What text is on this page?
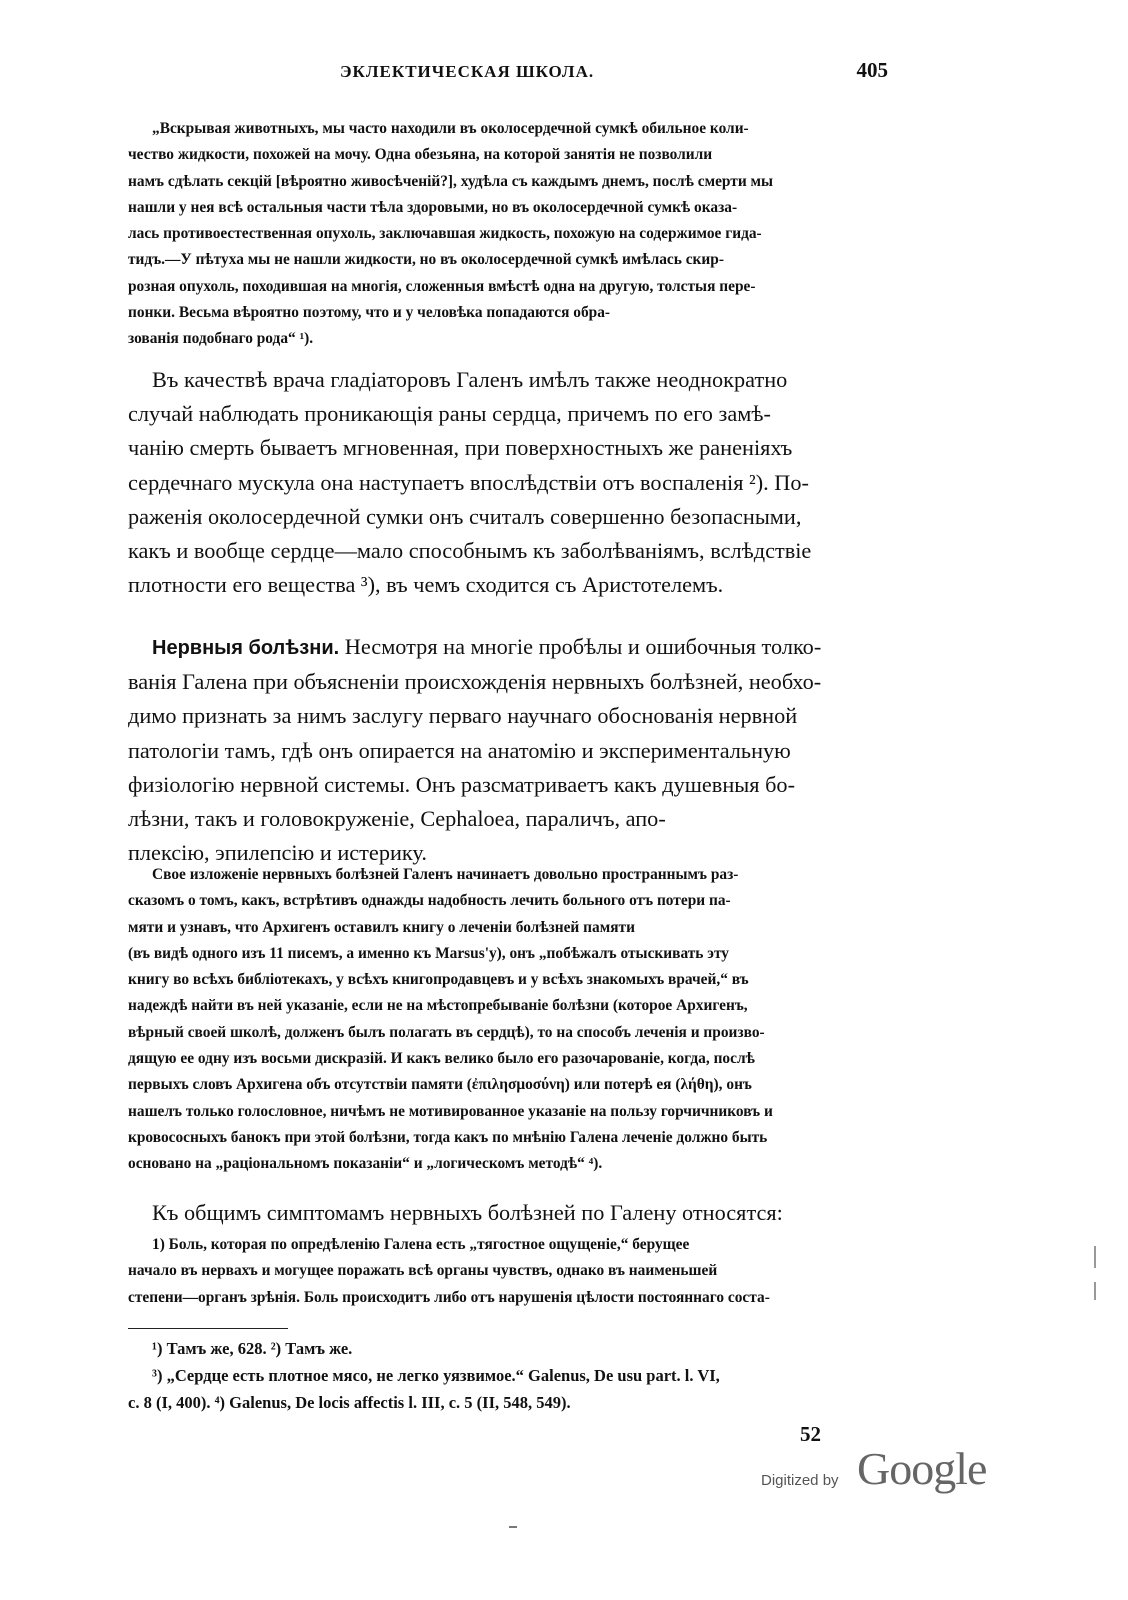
ЭКЛЕКТИЧЕСКАЯ ШКОЛА.	405

„Вскрывая животныхъ, мы часто находили въ околосердечной сумкѣ обильное коли-

чество жидкости, похожей на мочу. Одна обезьяна, на которой занятія не позволили

намъ сдѣлать секцій [вѣроятно живосѣченій?], худѣла съ каждымъ днемъ, послѣ смерти мы

нашли у нея всѣ остальныя части тѣла здоровыми, но въ околосердечной сумкѣ оказа-

лась противоестественная опухоль, заключавшая жидкость, похожую на содержимое гида-

тидъ.—У пѣтуха мы не нашли жидкости, но въ околосердечной сумкѣ имѣлась скир-

розная опухоль, походившая на многія, сложенныя вмѣстѣ одна на другую, толстыя пере-

понки. Весьма вѣроятно поэтому, что и у человѣка попадаются обра-

зованія подобнаго рода“ ¹).

Въ качествѣ врача гладіаторовъ Галенъ имѣлъ также неоднократно

случай наблюдать проникающія раны сердца, причемъ по его замѣ-

чанію смерть бываетъ мгновенная, при поверхностныхъ же раненіяхъ

сердечнаго мускула она наступаетъ впослѣдствіи отъ воспаленія ²). По-

раженія околосердечной сумки онъ считалъ совершенно безопасными,

какъ и вообще сердце—мало способнымъ къ заболѣваніямъ, вслѣдствіе

плотности его вещества ³), въ чемъ сходится съ Аристотелемъ.

Нервныя болѣзни. Несмотря на многіе пробѣлы и ошибочныя толко-

ванія Галена при объясненіи происхожденія нервныхъ болѣзней, необхо-

димо признать за нимъ заслугу перваго научнаго обоснованія нервной

патологіи тамъ, гдѣ онъ опирается на анатомію и экспериментальную

физіологію нервной системы. Онъ разсматриваетъ какъ душевныя бо-

лѣзни, такъ и головокруженіе, Cephaloea, параличъ, апо-

плексію, эпилепсію и истерику.

Свое изложеніе нервныхъ болѣзней Галенъ начинаетъ довольно пространнымъ раз-

сказомъ о томъ, какъ, встрѣтивъ однажды надобность лечить больного отъ потери па-

мяти и узнавъ, что Архигенъ оставилъ книгу о леченіи болѣзней памяти

(въ видѣ одного изъ 11 писемъ, а именно къ Marsus'у), онъ „побѣжалъ отыскивать эту

книгу во всѣхъ библіотекахъ, у всѣхъ книгопродавцевъ и у всѣхъ знакомыхъ врачей,“ въ

надеждѣ найти въ ней указаніе, если не на мѣстопребываніе болѣзни (которое Архигенъ,

вѣрный своей школѣ, долженъ былъ полагать въ сердцѣ), то на способъ леченія и произво-

дящую ее одну изъ восьми дискразій. И какъ велико было его разочарованіе, когда, послѣ

первыхъ словъ Архигена объ отсутствіи памяти (ἐπιλησμοσύνη) или потерѣ ея (λήθη), онъ

нашелъ только голословное, ничѣмъ не мотивированное указаніе на пользу горчичниковъ и

кровососныхъ банокъ при этой болѣзни, тогда какъ по мнѣнію Галена леченіе должно быть

основано на „раціональномъ показаніи“ и „логическомъ методѣ“ ⁴).

Къ общимъ симптомамъ нервныхъ болѣзней по Галену относятся:

1) Боль, которая по опредѣленію Галена есть „тягостное ощущеніе,“ берущее

начало въ нервахъ и могущее поражать всѣ органы чувствъ, однако въ наименьшей

степени—органъ зрѣнія. Боль происходитъ либо отъ нарушенія цѣлости постояннаго соста-

¹) Тамъ же, 628. ²) Тамъ же.

³) „Сердце есть плотное мясо, не легко уязвимое.“ Galenus, De usu part. l. VI,

c. 8 (I, 400). ⁴) Galenus, De locis affectis l. III, c. 5 (II, 548, 549).

52
Digitized by Google
